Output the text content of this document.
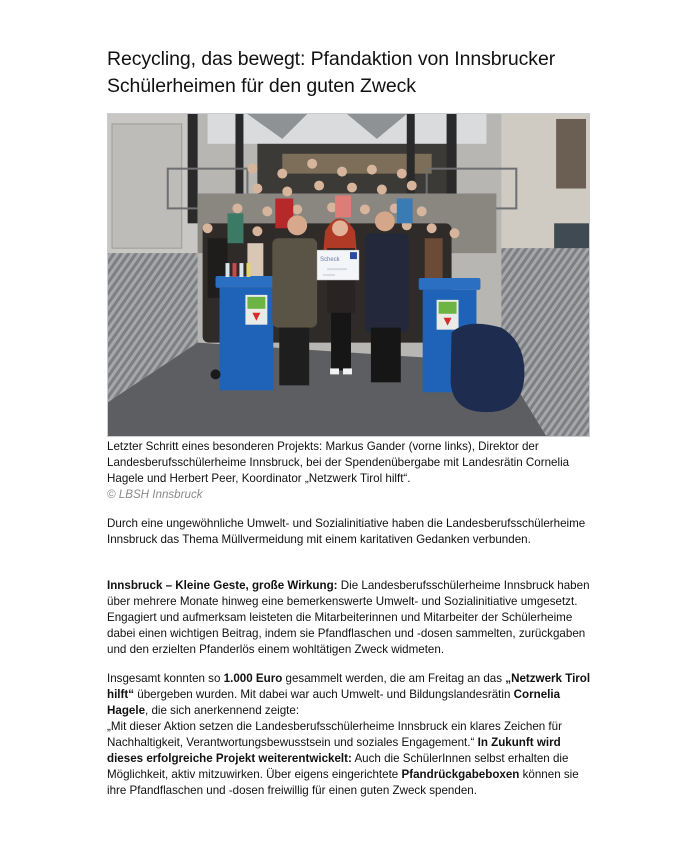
Recycling, das bewegt: Pfandaktion von Innsbrucker
Schülerheimen für den guten Zweck
Scheck

Letzter Schritt eines besonderen Projekts: Markus Gander (vorne links), Direktor der Landesberufsschülerheime Innsbruck, bei der Spendenübergabe mit Landesrätin Cornelia Hagele und Herbert Peer, Koordinator „Netzwerk Tirol hilft“.

© LBSH Innsbruck

Durch eine ungewöhnliche Umwelt- und Sozialinitiative haben die Landesberufsschülerheime Innsbruck das Thema Müllvermeidung mit einem karitativen Gedanken verbunden.

Innsbruck – Kleine Geste, große Wirkung: Die Landesberufsschülerheime Innsbruck haben über mehrere Monate hinweg eine bemerkenswerte Umwelt- und Sozialinitiative umgesetzt. Engagiert und aufmerksam leisteten die Mitarbeiterinnen und Mitarbeiter der Schülerheime dabei einen wichtigen Beitrag, indem sie Pfandflaschen und -dosen sammelten, zurückgaben und den erzielten Pfanderlös einem wohltätigen Zweck widmeten.

Insgesamt konnten so 1.000 Euro gesammelt werden, die am Freitag an das „Netzwerk Tirol hilft“ übergeben wurden. Mit dabei war auch Umwelt- und Bildungslandesrätin Cornelia Hagele, die sich anerkennend zeigte:
„Mit dieser Aktion setzen die Landesberufsschülerheime Innsbruck ein klares Zeichen für Nachhaltigkeit, Verantwortungsbewusstsein und soziales Engagement.“ In Zukunft wird dieses erfolgreiche Projekt weiterentwickelt: Auch die SchülerInnen selbst erhalten die Möglichkeit, aktiv mitzuwirken. Über eigens eingerichtete Pfandrückgabeboxen können sie ihre Pfandflaschen und -dosen freiwillig für einen guten Zweck spenden.
